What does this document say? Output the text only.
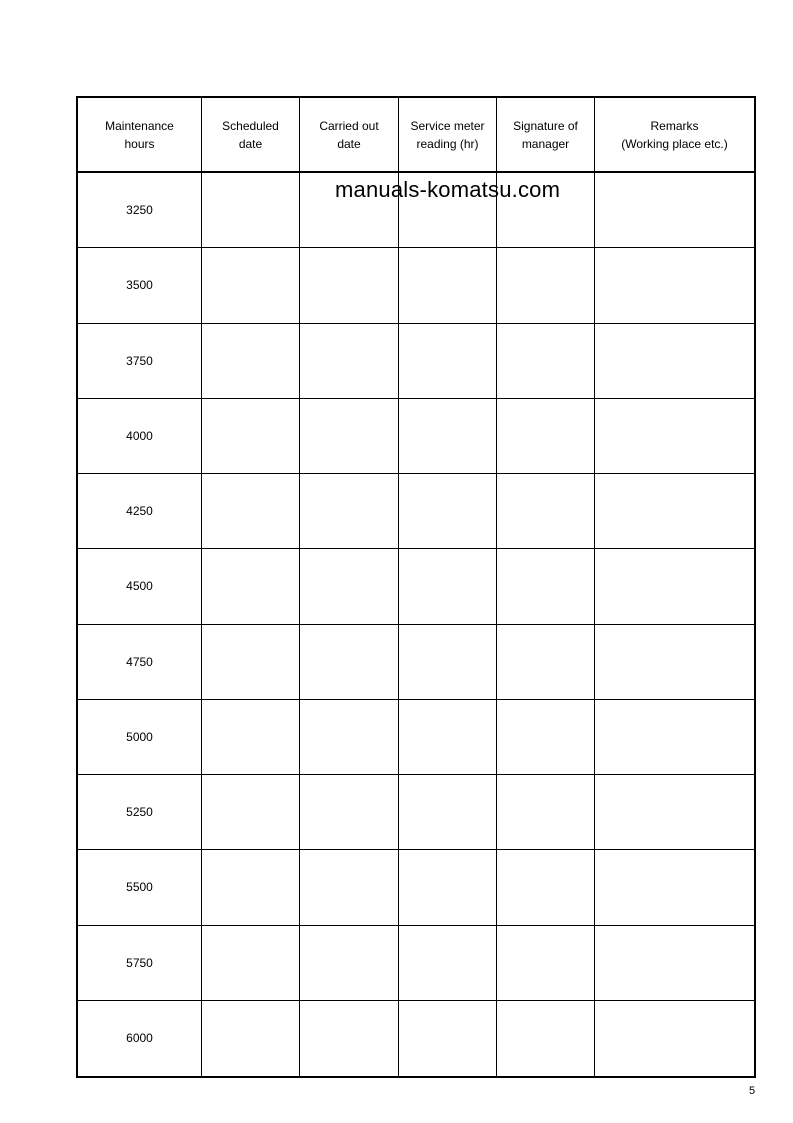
Maintenance
hours
Scheduled
date
Carried out
date
Service meter
reading (hr)
Signature of
manager
Remarks
(Working place etc.)
3250
3500
3750
4000
4250
4500
4750
5000
5250
5500
5750
6000
manuals-komatsu.com
5
